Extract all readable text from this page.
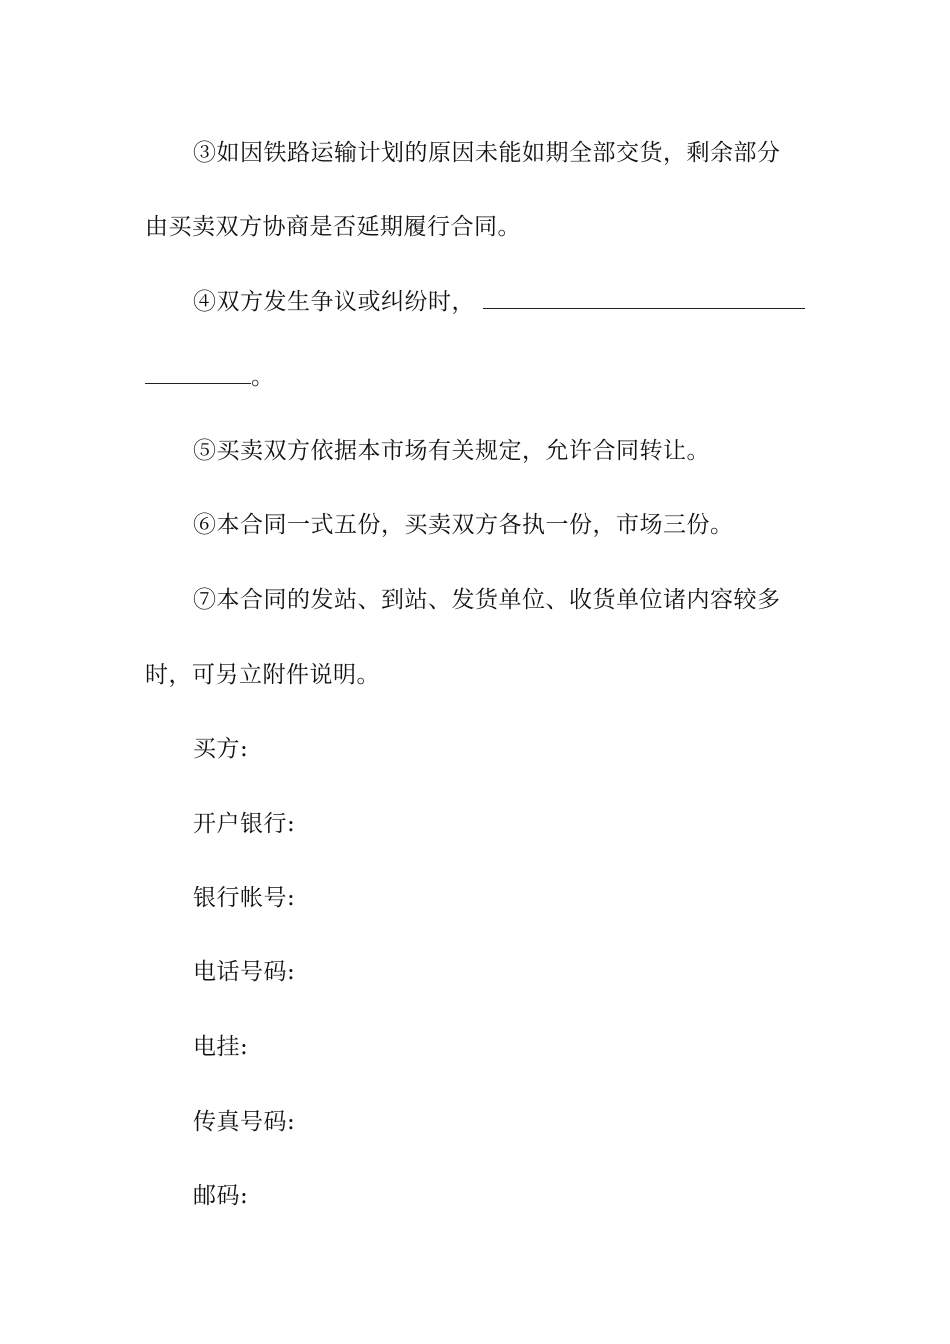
③如因铁路运输计划的原因未能如期全部交货，剩余部分
由买卖双方协商是否延期履行合同。
④双方发生争议或纠纷时，
。
⑤买卖双方依据本市场有关规定，允许合同转让。
⑥本合同一式五份，买卖双方各执一份，市场三份。
⑦本合同的发站、到站、发货单位、收货单位诸内容较多
时，可另立附件说明。
买方:
开户银行:
银行帐号:
电话号码:
电挂:
传真号码:
邮码:
